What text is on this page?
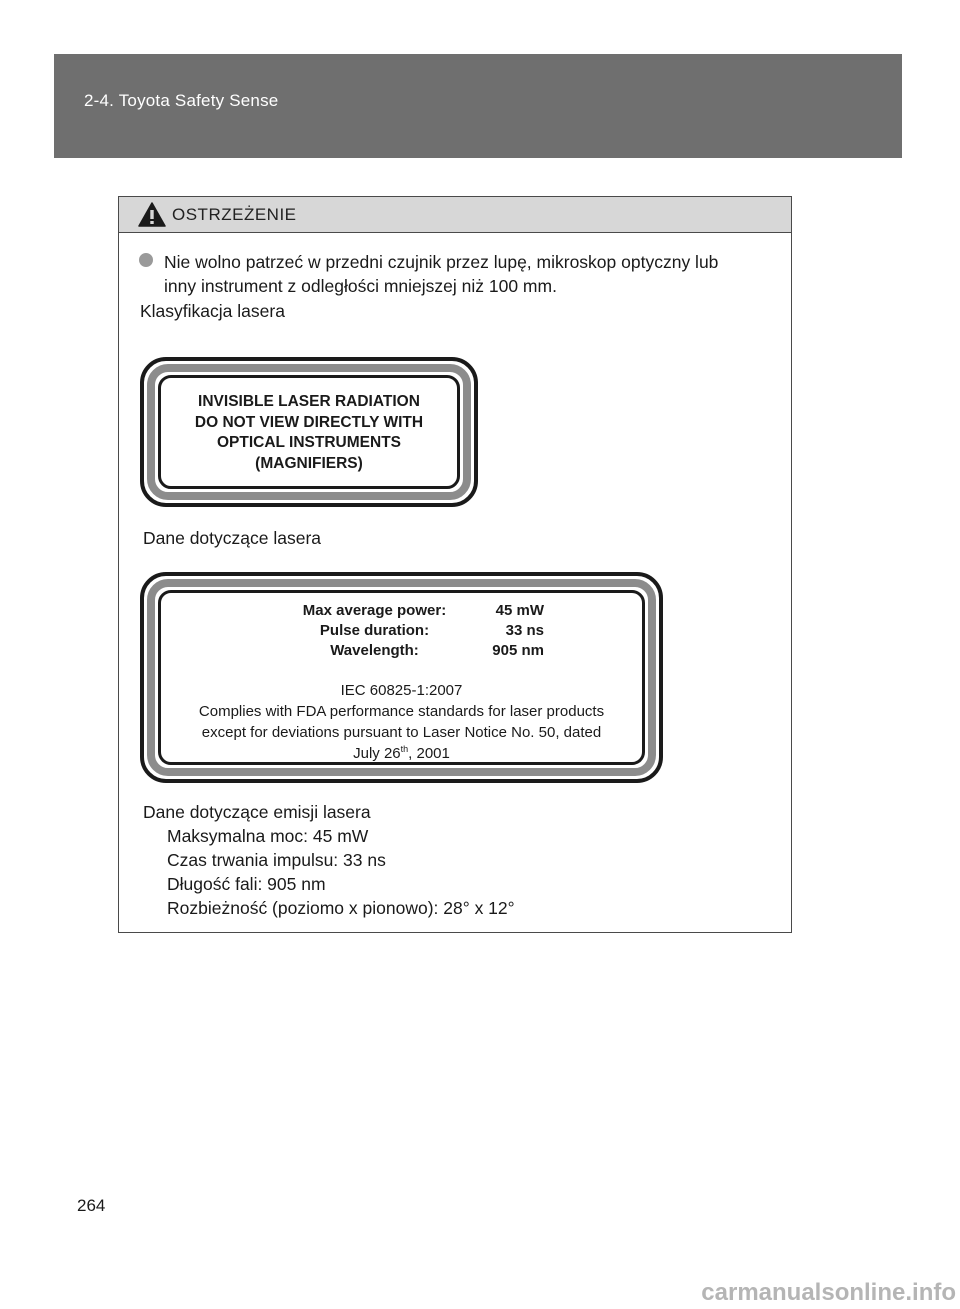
2-4. Toyota Safety Sense
OSTRZEŻENIE
Nie wolno patrzeć w przedni czujnik przez lupę, mikroskop optyczny lub
inny instrument z odległości mniejszej niż 100 mm.
Klasyfikacja lasera
INVISIBLE LASER RADIATION
DO NOT VIEW DIRECTLY WITH
OPTICAL INSTRUMENTS
(MAGNIFIERS)
Dane dotyczące lasera
Max average power:	45 mW
Pulse duration:	33 ns
Wavelength:	905 nm
IEC 60825-1:2007
Complies with FDA performance standards for laser products
except for deviations pursuant to Laser Notice No. 50, dated
July 26th, 2001
Dane dotyczące emisji lasera
Maksymalna moc: 45 mW
Czas trwania impulsu: 33 ns
Długość fali: 905 nm
Rozbieżność (poziomo x pionowo): 28° x 12°
264
carmanualsonline.info
